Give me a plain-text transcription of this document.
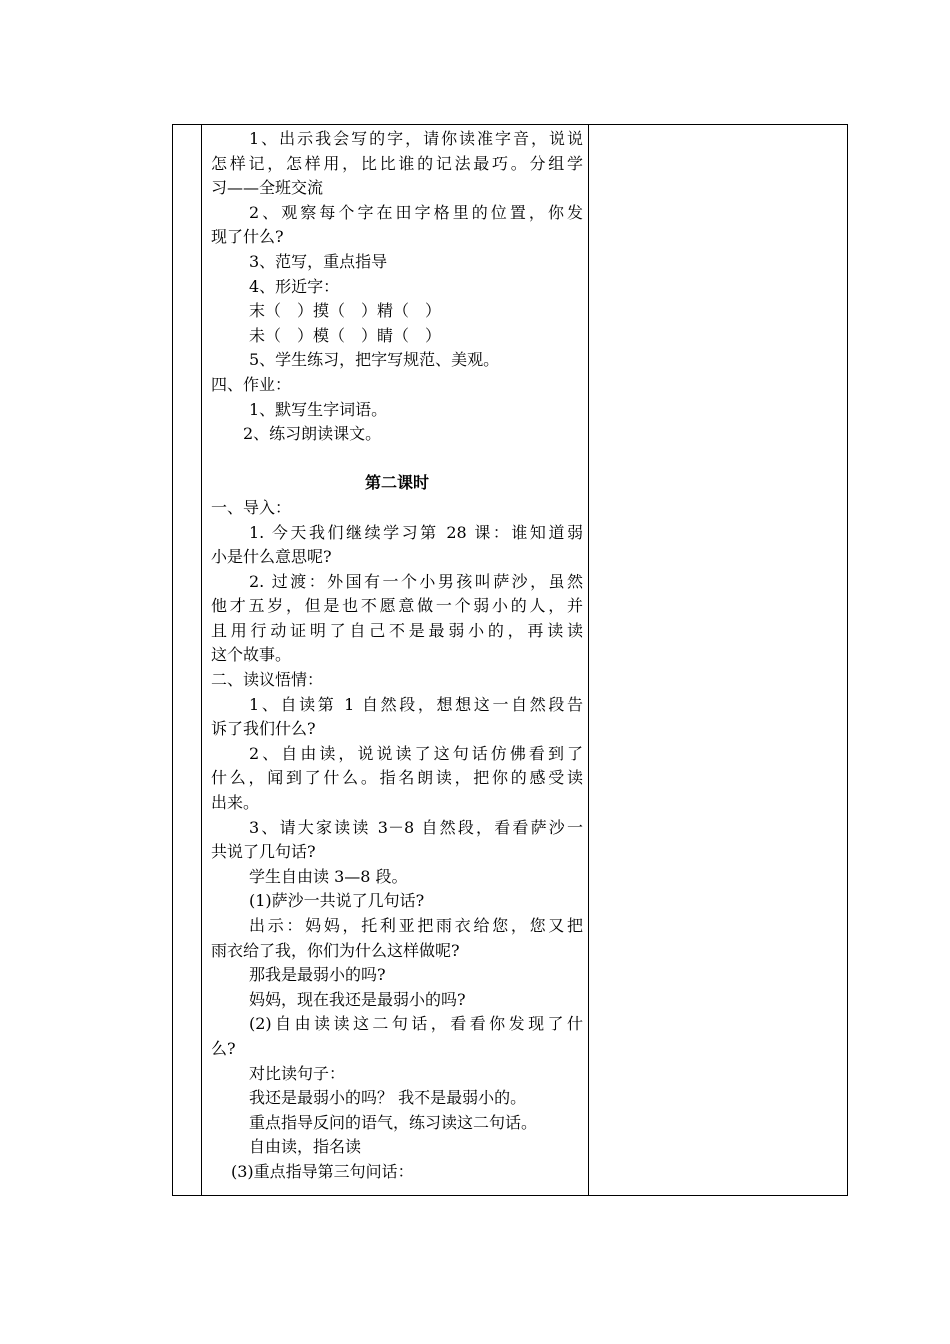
1、出示我会写的字，请你读准字音，说说
怎样记，怎样用，比比谁的记法最巧。分组学
习——全班交流
2、观察每个字在田字格里的位置，你发
现了什么?
3、范写，重点指导
4、形近字：
末（　）摸（　）精（　）
未（　）模（　）睛（　）
5、学生练习，把字写规范、美观。
四、作业：
1、默写生字词语。
2、练习朗读课文。
第二课时
一、导入：
1. 今天我们继续学习第 28 课：谁知道弱
小是什么意思呢?
2. 过渡：外国有一个小男孩叫萨沙，虽然
他才五岁，但是也不愿意做一个弱小的人，并
且用行动证明了自己不是最弱小的，再读读
这个故事。
二、读议悟情：
1、自读第 1 自然段，想想这一自然段告
诉了我们什么?
2、自由读，说说读了这句话仿佛看到了
什么，闻到了什么。指名朗读，把你的感受读
出来。
3、请大家读读 3－8 自然段，看看萨沙一
共说了几句话?
学生自由读 3—8 段。
(1)萨沙一共说了几句话?
出示：妈妈，托利亚把雨衣给您，您又把
雨衣给了我，你们为什么这样做呢?
那我是最弱小的吗?
妈妈，现在我还是最弱小的吗?
(2)自由读读这二句话，看看你发现了什
么?
对比读句子：
我还是最弱小的吗？ 我不是最弱小的。
重点指导反问的语气，练习读这二句话。
自由读，指名读
(3)重点指导第三句问话：
